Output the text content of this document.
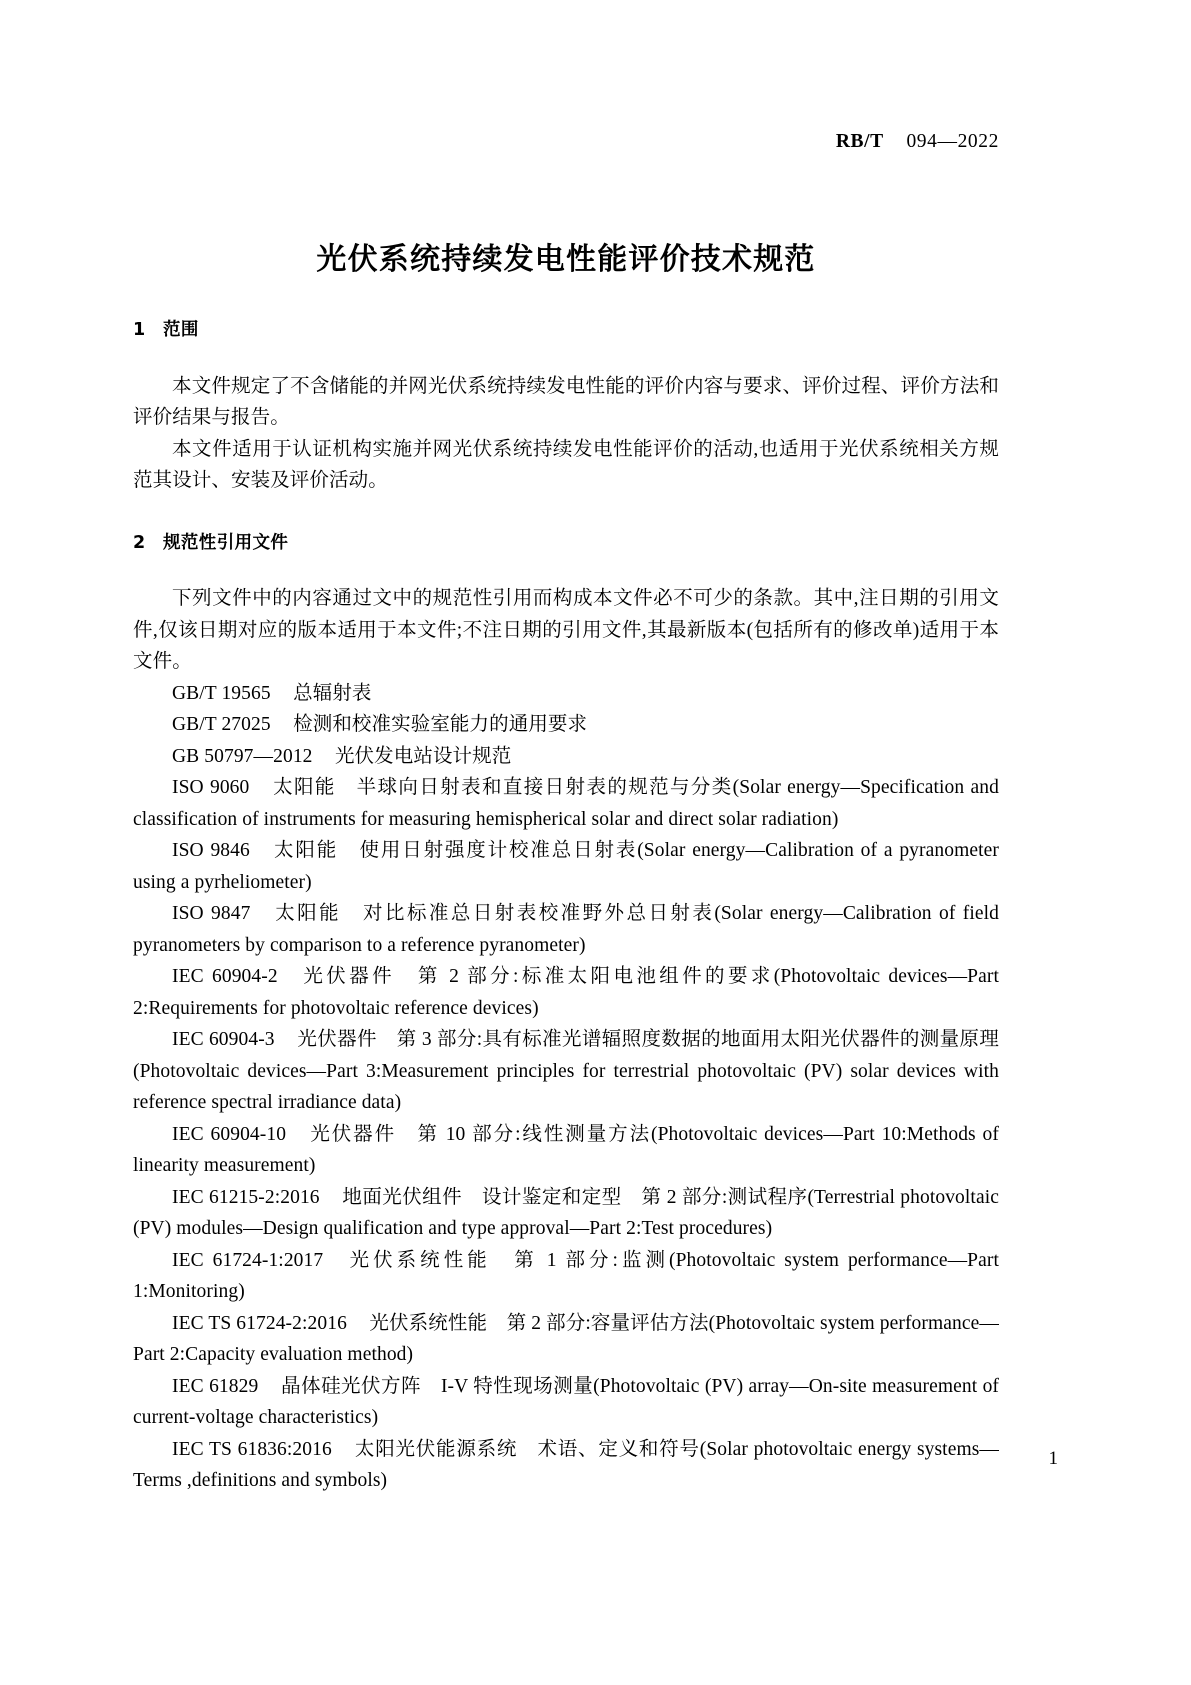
RB/T 094—2022
光伏系统持续发电性能评价技术规范
1 范围

本文件规定了不含储能的并网光伏系统持续发电性能的评价内容与要求、评价过程、评价方法和评价结果与报告。

本文件适用于认证机构实施并网光伏系统持续发电性能评价的活动,也适用于光伏系统相关方规范其设计、安装及评价活动。

2 规范性引用文件

下列文件中的内容通过文中的规范性引用而构成本文件必不可少的条款。其中,注日期的引用文件,仅该日期对应的版本适用于本文件;不注日期的引用文件,其最新版本(包括所有的修改单)适用于本文件。

GB/T 19565 总辐射表
GB/T 27025 检测和校准实验室能力的通用要求
GB 50797—2012 光伏发电站设计规范
ISO 9060 太阳能　半球向日射表和直接日射表的规范与分类(Solar energy—Specification and classification of instruments for measuring hemispherical solar and direct solar radiation)
ISO 9846 太阳能　使用日射强度计校准总日射表(Solar energy—Calibration of a pyranometer using a pyrheliometer)
ISO 9847 太阳能　对比标准总日射表校准野外总日射表(Solar energy—Calibration of field pyranometers by comparison to a reference pyranometer)
IEC 60904-2 光伏器件　第 2 部分:标准太阳电池组件的要求(Photovoltaic devices—Part 2:Requirements for photovoltaic reference devices)
IEC 60904-3 光伏器件　第 3 部分:具有标准光谱辐照度数据的地面用太阳光伏器件的测量原理(Photovoltaic devices—Part 3:Measurement principles for terrestrial photovoltaic (PV) solar devices with reference spectral irradiance data)
IEC 60904-10 光伏器件　第 10 部分:线性测量方法(Photovoltaic devices—Part 10:Methods of linearity measurement)
IEC 61215-2:2016 地面光伏组件　设计鉴定和定型　第 2 部分:测试程序(Terrestrial photovoltaic (PV) modules—Design qualification and type approval—Part 2:Test procedures)
IEC 61724-1:2017 光伏系统性能　第 1 部分:监测(Photovoltaic system performance—Part 1:Monitoring)
IEC TS 61724-2:2016 光伏系统性能　第 2 部分:容量评估方法(Photovoltaic system performance—Part 2:Capacity evaluation method)
IEC 61829 晶体硅光伏方阵　I-V 特性现场测量(Photovoltaic (PV) array—On-site measurement of current-voltage characteristics)
IEC TS 61836:2016 太阳光伏能源系统　术语、定义和符号(Solar photovoltaic energy systems—Terms ,definitions and symbols)
1
